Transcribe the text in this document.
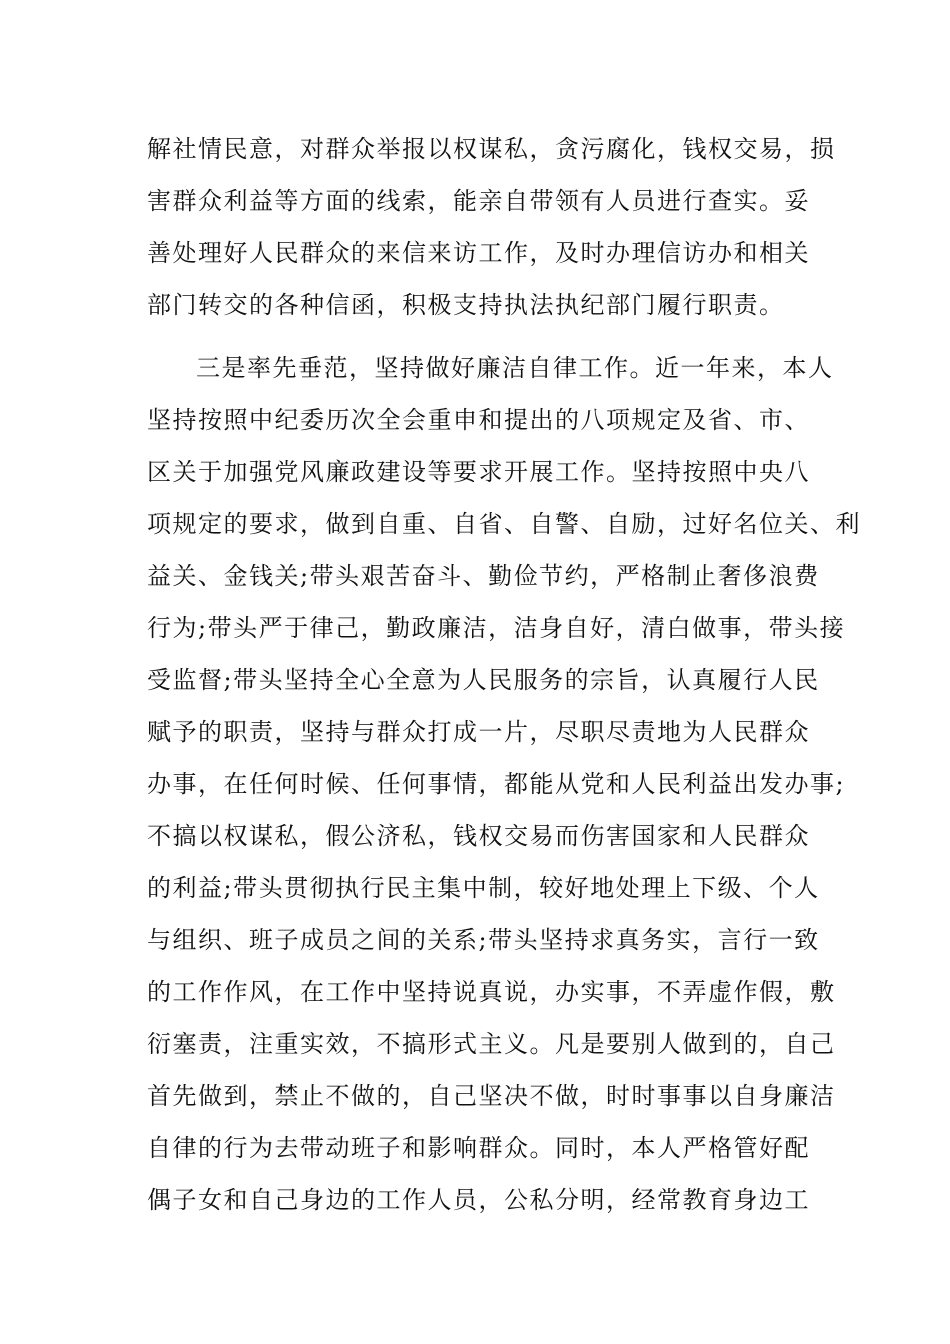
解社情民意，对群众举报以权谋私，贪污腐化，钱权交易，损
害群众利益等方面的线索，能亲自带领有人员进行查实。妥
善处理好人民群众的来信来访工作，及时办理信访办和相关
部门转交的各种信函，积极支持执法执纪部门履行职责。
三是率先垂范，坚持做好廉洁自律工作。近一年来，本人
坚持按照中纪委历次全会重申和提出的八项规定及省、市、
区关于加强党风廉政建设等要求开展工作。坚持按照中央八
项规定的要求，做到自重、自省、自警、自励，过好名位关、利
益关、金钱关;带头艰苦奋斗、勤俭节约，严格制止奢侈浪费
行为;带头严于律己，勤政廉洁，洁身自好，清白做事，带头接
受监督;带头坚持全心全意为人民服务的宗旨，认真履行人民
赋予的职责，坚持与群众打成一片，尽职尽责地为人民群众
办事，在任何时候、任何事情，都能从党和人民利益出发办事;
不搞以权谋私，假公济私，钱权交易而伤害国家和人民群众
的利益;带头贯彻执行民主集中制，较好地处理上下级、个人
与组织、班子成员之间的关系;带头坚持求真务实，言行一致
的工作作风，在工作中坚持说真说，办实事，不弄虚作假，敷
衍塞责，注重实效，不搞形式主义。凡是要别人做到的，自己
首先做到，禁止不做的，自己坚决不做，时时事事以自身廉洁
自律的行为去带动班子和影响群众。同时，本人严格管好配
偶子女和自己身边的工作人员，公私分明，经常教育身边工
